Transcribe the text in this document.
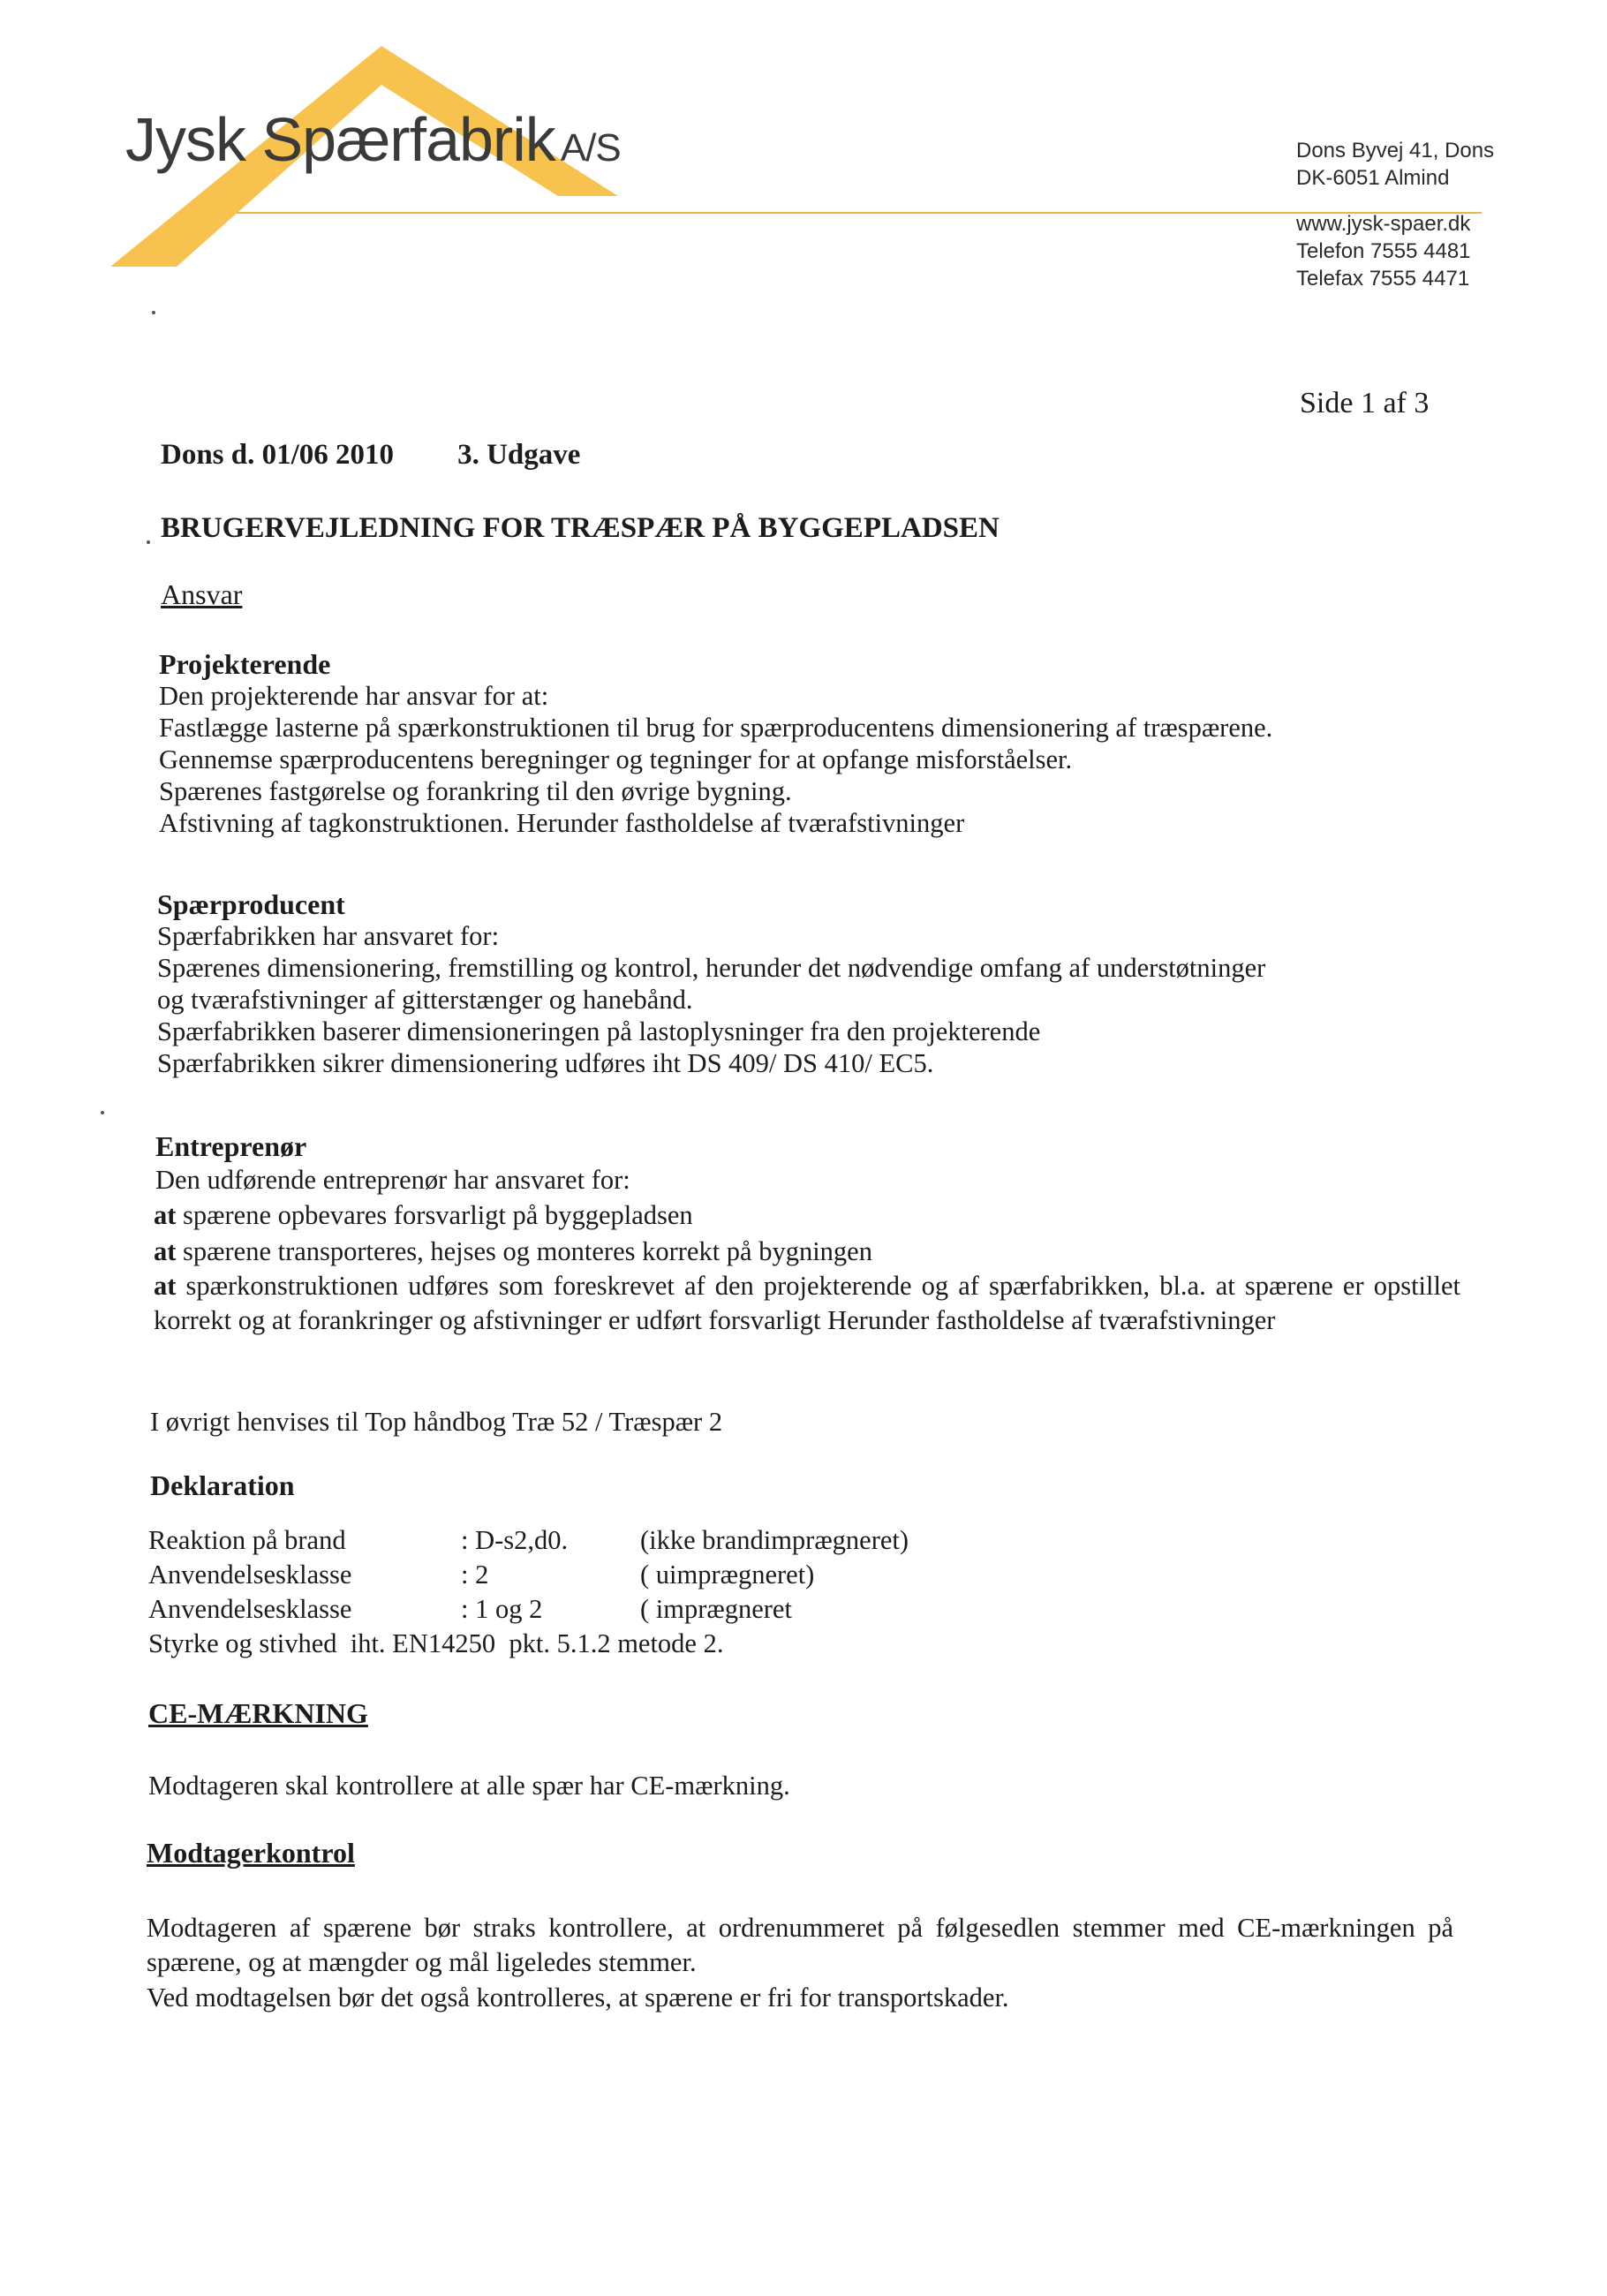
Jysk Spærfabrik A/S	Dons Byvej 41, Dons
DK-6051 Almind
www.jysk-spaer.dk
Telefon 7555 4481
Telefax 7555 4471
Side 1 af 3
Dons d. 01/06 2010 3. Udgave
BRUGERVEJLEDNING FOR TRÆSPÆR PÅ BYGGEPLADSEN
Ansvar
Projekterende
Den projekterende har ansvar for at:
Fastlægge lasterne på spærkonstruktionen til brug for spærproducentens dimensionering af træspærene.
Gennemse spærproducentens beregninger og tegninger for at opfange misforståelser.
Spærenes fastgørelse og forankring til den øvrige bygning.
Afstivning af tagkonstruktionen. Herunder fastholdelse af tværafstivninger
Spærproducent
Spærfabrikken har ansvaret for:
Spærenes dimensionering, fremstilling og kontrol, herunder det nødvendige omfang af understøtninger
og tværafstivninger af gitterstænger og hanebånd.
Spærfabrikken baserer dimensioneringen på lastoplysninger fra den projekterende
Spærfabrikken sikrer dimensionering udføres iht DS 409/ DS 410/ EC5.
Entreprenør
Den udførende entreprenør har ansvaret for:
at spærene opbevares forsvarligt på byggepladsen
at spærene transporteres, hejses og monteres korrekt på bygningen
at spærkonstruktionen udføres som foreskrevet af den projekterende og af spærfabrikken, bl.a. at spærene er opstillet korrekt og at forankringer og afstivninger er udført forsvarligt Herunder fastholdelse af tværafstivninger
I øvrigt henvises til Top håndbog Træ 52 / Træspær 2
Deklaration
Reaktion på brand	: D-s2,d0.	(ikke brandimprægneret)
Anvendelsesklasse	: 2	( uimprægneret)
Anvendelsesklasse	: 1 og 2	( imprægneret
Styrke og stivhed  iht. EN14250  pkt. 5.1.2 metode 2.
CE-MÆRKNING
Modtageren skal kontrollere at alle spær har CE-mærkning.
Modtagerkontrol
Modtageren af spærene bør straks kontrollere, at ordrenummeret på følgesedlen stemmer med CE-mærkningen på spærene, og at mængder og mål ligeledes stemmer.
Ved modtagelsen bør det også kontrolleres, at spærene er fri for transportskader.
